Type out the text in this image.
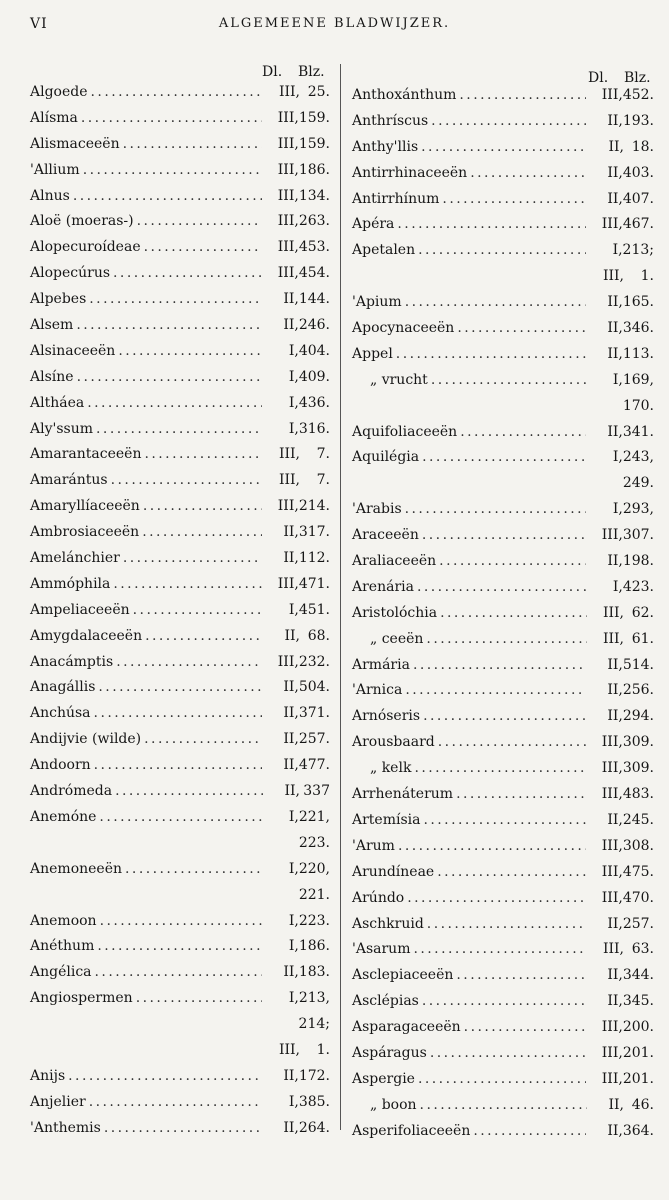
VI	ALGEMEENE BLADWIJZER.
Dl. Blz.
Algoede . . .	III, 25.
Alísma . . .	III, 159.
Alismaceeën . . .	III, 159.
'Allium . . .	III, 186.
Alnus . . .	III, 134.
Aloë (moeras-) . . .	III, 263.
Alopecuroídeae . . .	III, 453.
Alopecúrus . . .	III, 454.
Alpebes . . .	II, 144.
Alsem . . .	II, 246.
Alsinaceeën . . .	I, 404.
Alsíne . . .	I, 409.
Altháea . . .	I, 436.
Aly'ssum . . .	I, 316.
Amarantaceeën . . .	III,	7.
Amarántus . . .	III,	7.
Amaryllíaceeën . . .	III, 214.
Ambrosiaceeën . . .	II, 317.
Amelánchier . . .	II, 112.
Ammóphila . . .	III, 471.
Ampeliaceeën . . .	I, 451.
Amygdalaceeën . . .	II, 68.
Anacámptis . . .	III, 232.
Anagállis . . .	II, 504.
Anchúsa . . .	II, 371.
Andijvie (wilde) . . .	II, 257.
Andoorn . . .	II, 477.
Andrómeda . . .	II, 337
Anemóne . . .	I, 221,
223.
Anemoneeën . . .	I, 220,
221.
Anemoon . . .	I, 223.
Anéthum . . .	I, 186.
Angélica . . .	II, 183.
Angiospermen . . .	I, 213,
214;
III,	1.
Anijs . . .	II, 172.
Anjelier . . .	I, 385.
'Anthemis . . .	II, 264.
Dl. Blz.
Anthoxánthum . . .	III, 452.
Anthríscus . . .	II, 193.
Anthy'llis . . .	II, 18.
Antirrhinaceeën . . .	II, 403.
Antirrhínum . . .	II, 407.
Apéra . . .	III, 467.
Apetalen . . .	I, 213;
III,	1.
'Apium . . .	II, 165.
Apocynaceeën . . .	II, 346.
Appel . . .	II, 113.
„ vrucht . . .	I, 169,
170.
Aquifoliaceeën . . .	II, 341.
Aquilégia . . .	I, 243,
249.
'Arabis . . .	I, 293,
Araceeën . . .	III, 307.
Araliaceeën . . .	II, 198.
Arenária . . .	I, 423.
Aristolóchia . . .	III, 62.
„ ceeën . . .	III, 61.
Armária . . .	II, 514.
'Arnica . . .	II, 256.
Arnóseris . . .	II, 294.
Arousbaard . . .	III, 309.
„ kelk . . .	III, 309.
Arrhenáterum . . .	III, 483.
Artemísia . . .	II, 245.
'Arum . . .	III, 308.
Arundíneae . . .	III, 475.
Arúndo . . .	III, 470.
Aschkruid . . .	II, 257.
'Asarum . . .	III, 63.
Asclepiaceeën . . .	II, 344.
Asclépias . . .	II, 345.
Asparagaceeën . . .	III, 200.
Aspáragus . . .	III, 201.
Aspergie . . .	III, 201.
„ boon . . .	II, 46.
Asperifoliaceeën . . .	II, 364.
